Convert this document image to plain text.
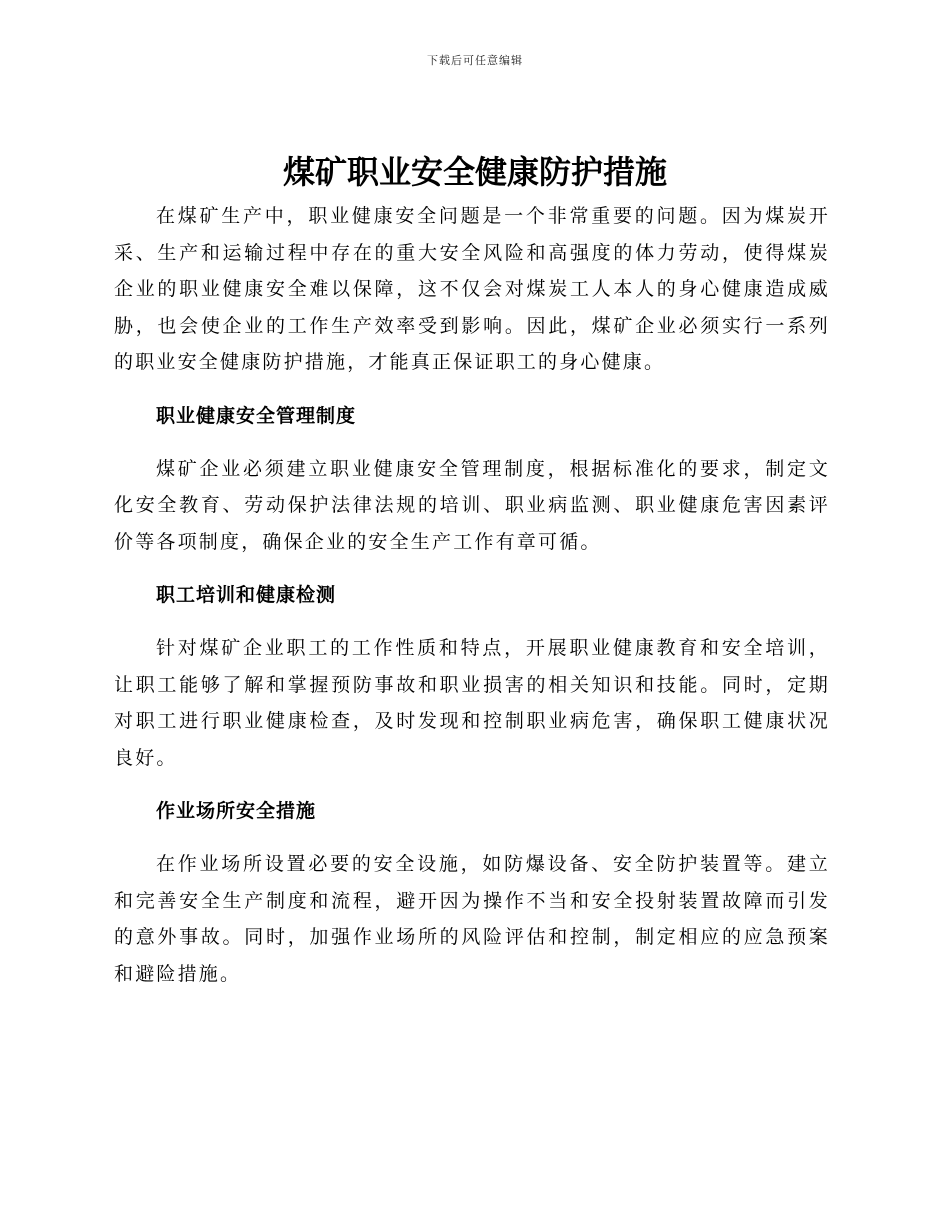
下载后可任意编辑
煤矿职业安全健康防护措施

在煤矿生产中，职业健康安全问题是一个非常重要的问题。因为煤炭开采、生产和运输过程中存在的重大安全风险和高强度的体力劳动，使得煤炭企业的职业健康安全难以保障，这不仅会对煤炭工人本人的身心健康造成威胁，也会使企业的工作生产效率受到影响。因此，煤矿企业必须实行一系列的职业安全健康防护措施，才能真正保证职工的身心健康。

职业健康安全管理制度

煤矿企业必须建立职业健康安全管理制度，根据标准化的要求，制定文化安全教育、劳动保护法律法规的培训、职业病监测、职业健康危害因素评价等各项制度，确保企业的安全生产工作有章可循。

职工培训和健康检测

针对煤矿企业职工的工作性质和特点，开展职业健康教育和安全培训，让职工能够了解和掌握预防事故和职业损害的相关知识和技能。同时，定期对职工进行职业健康检查，及时发现和控制职业病危害，确保职工健康状况良好。

作业场所安全措施

在作业场所设置必要的安全设施，如防爆设备、安全防护装置等。建立和完善安全生产制度和流程，避开因为操作不当和安全投射装置故障而引发的意外事故。同时，加强作业场所的风险评估和控制，制定相应的应急预案和避险措施。
